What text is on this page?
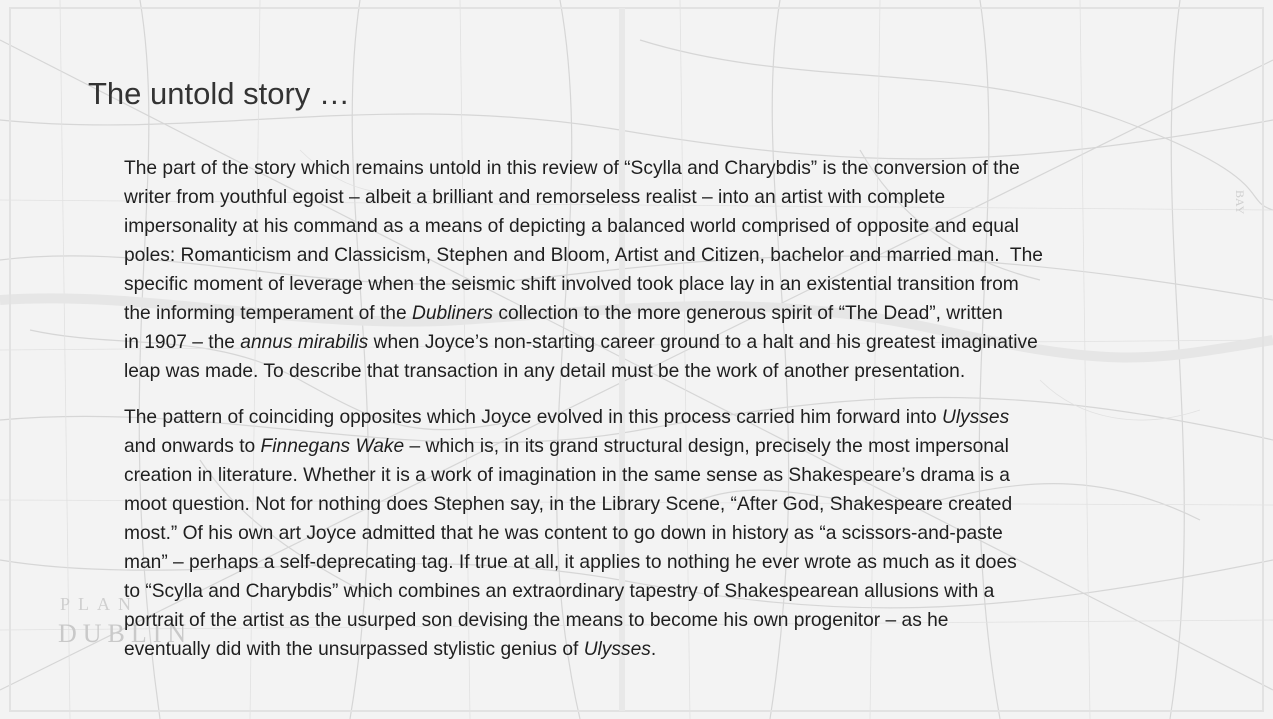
PLAN
DUBLIN
BAY
The untold story …

The part of the story which remains untold in this review of “Scylla and Charybdis” is the conversion of the
writer from youthful egoist – albeit a brilliant and remorseless realist – into an artist with complete
impersonality at his command as a means of depicting a balanced world comprised of opposite and equal
poles: Romanticism and Classicism, Stephen and Bloom, Artist and Citizen, bachelor and married man.  The
specific moment of leverage when the seismic shift involved took place lay in an existential transition from
the informing temperament of the Dubliners collection to the more generous spirit of “The Dead”, written
in 1907 – the annus mirabilis when Joyce’s non-starting career ground to a halt and his greatest imaginative
leap was made. To describe that transaction in any detail must be the work of another presentation.

The pattern of coinciding opposites which Joyce evolved in this process carried him forward into Ulysses
and onwards to Finnegans Wake – which is, in its grand structural design, precisely the most impersonal
creation in literature. Whether it is a work of imagination in the same sense as Shakespeare’s drama is a
moot question. Not for nothing does Stephen say, in the Library Scene, “After God, Shakespeare created
most.” Of his own art Joyce admitted that he was content to go down in history as “a scissors-and-paste
man” – perhaps a self-deprecating tag. If true at all, it applies to nothing he ever wrote as much as it does
to “Scylla and Charybdis” which combines an extraordinary tapestry of Shakespearean allusions with a
portrait of the artist as the usurped son devising the means to become his own progenitor – as he
eventually did with the unsurpassed stylistic genius of Ulysses.
